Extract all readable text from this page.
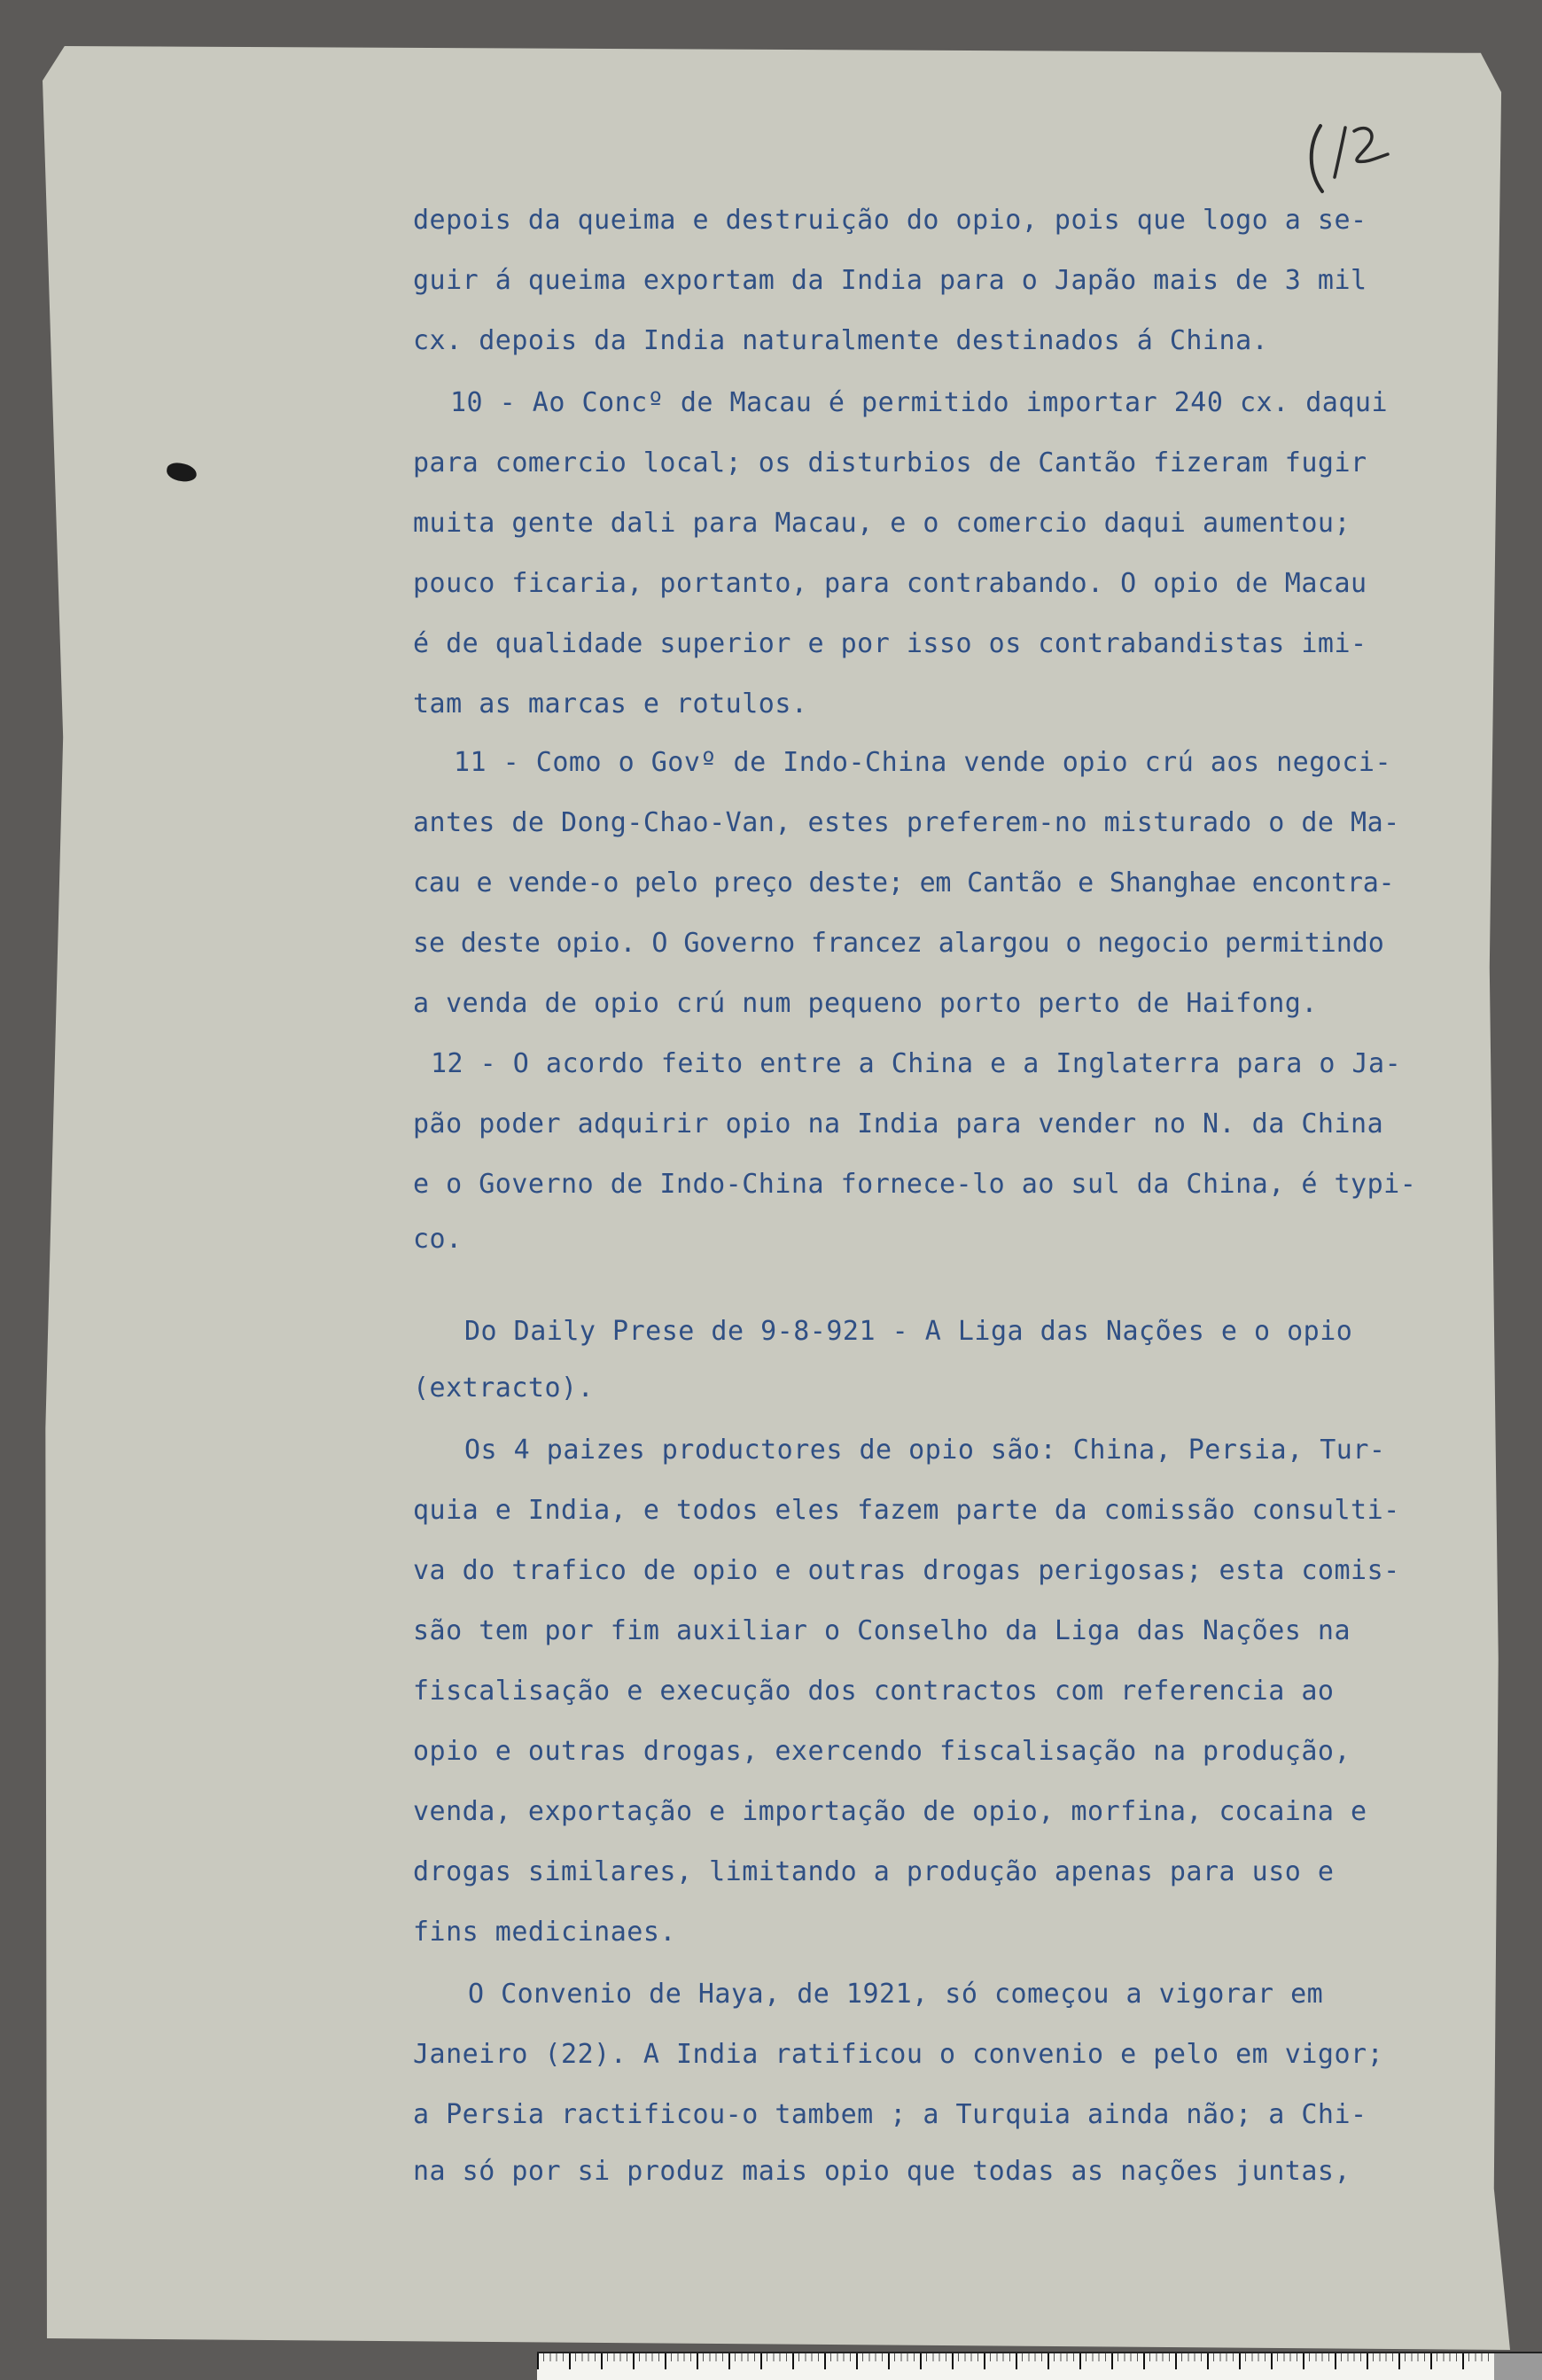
depois da queima e destruição do opio, pois que logo a se-

guir á queima exportam da India para o Japão mais de 3 mil

cx. depois da India naturalmente destinados á China.

10 - Ao Concº de Macau é permitido importar 240 cx. daqui

para comercio local; os disturbios de Cantão fizeram fugir

muita gente dali para Macau, e o comercio daqui aumentou;

pouco ficaria, portanto, para contrabando. O opio de Macau

é de qualidade superior e por isso os contrabandistas imi-

tam as marcas e rotulos.

11 - Como o Govº de Indo-China vende opio crú aos negoci-

antes de Dong-Chao-Van, estes preferem-no misturado o de Ma-

cau e vende-o pelo preço deste; em Cantão e Shanghae encontra-

se deste opio. O Governo francez alargou o negocio permitindo

a venda de opio crú num pequeno porto perto de Haifong.

12 - O acordo feito entre a China e a Inglaterra para o Ja-

pão poder adquirir opio na India para vender no N. da China

e o Governo de Indo-China fornece-lo ao sul da China, é typi-

co.

Do Daily Prese de 9-8-921 - A Liga das Nações e o opio

(extracto).

Os 4 paizes productores de opio são: China, Persia, Tur-

quia e India, e todos eles fazem parte da comissão consulti-

va do trafico de opio e outras drogas perigosas; esta comis-

são tem por fim auxiliar o Conselho da Liga das Nações na

fiscalisação e execução dos contractos com referencia ao

opio e outras drogas, exercendo fiscalisação na produção,

venda, exportação e importação de opio, morfina, cocaina e

drogas similares, limitando a produção apenas para uso e

fins medicinaes.

O Convenio de Haya, de 1921, só começou a vigorar em

Janeiro (22). A India ratificou o convenio e pelo em vigor;

a Persia ractificou-o tambem ; a Turquia ainda não; a Chi-

na só por si produz mais opio que todas as nações juntas,
